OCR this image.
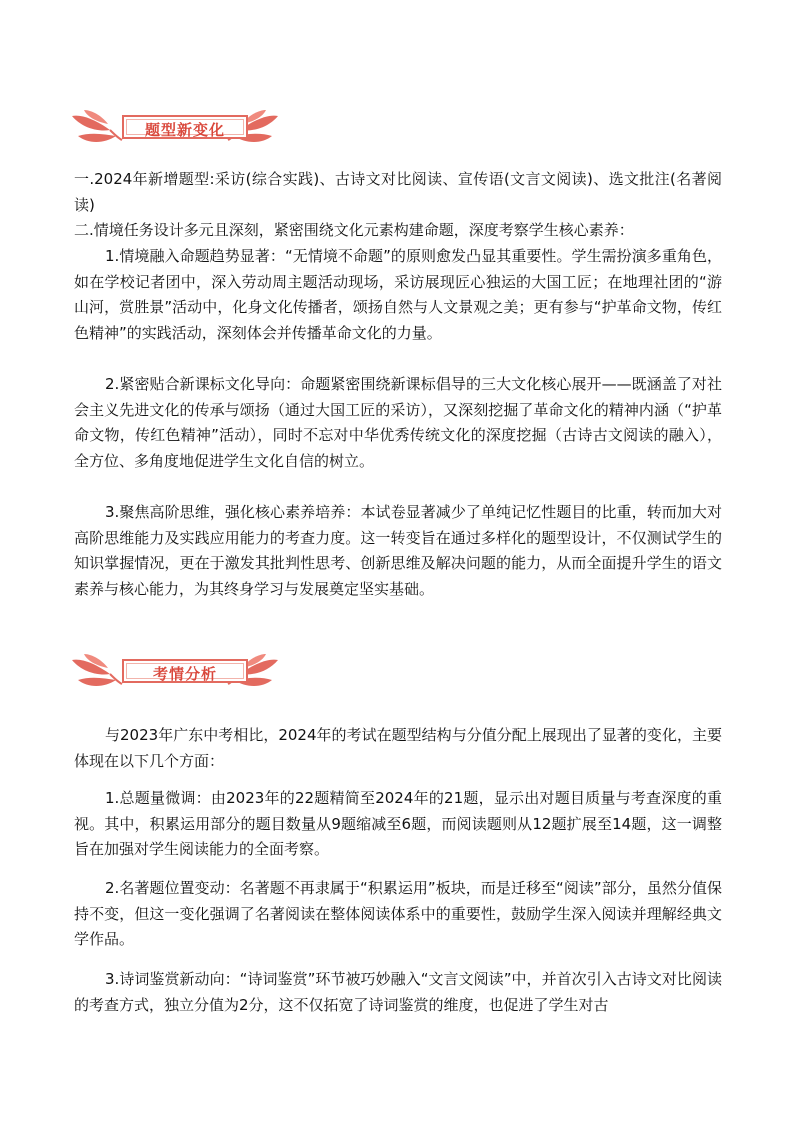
题型新变化

一.2024年新增题型:采访(综合实践)、古诗文对比阅读、宣传语(文言文阅读)、选文批注(名著阅读)

二.情境任务设计多元且深刻，紧密围绕文化元素构建命题，深度考察学生核心素养：

1.情境融入命题趋势显著：“无情境不命题”的原则愈发凸显其重要性。学生需扮演多重角色，如在学校记者团中，深入劳动周主题活动现场，采访展现匠心独运的大国工匠；在地理社团的“游山河，赏胜景”活动中，化身文化传播者，颂扬自然与人文景观之美；更有参与“护革命文物，传红色精神”的实践活动，深刻体会并传播革命文化的力量。

2.紧密贴合新课标文化导向：命题紧密围绕新课标倡导的三大文化核心展开——既涵盖了对社会主义先进文化的传承与颂扬（通过大国工匠的采访），又深刻挖掘了革命文化的精神内涵（“护革命文物，传红色精神”活动），同时不忘对中华优秀传统文化的深度挖掘（古诗古文阅读的融入），全方位、多角度地促进学生文化自信的树立。

3.聚焦高阶思维，强化核心素养培养：本试卷显著减少了单纯记忆性题目的比重，转而加大对高阶思维能力及实践应用能力的考查力度。这一转变旨在通过多样化的题型设计，不仅测试学生的知识掌握情况，更在于激发其批判性思考、创新思维及解决问题的能力，从而全面提升学生的语文素养与核心能力，为其终身学习与发展奠定坚实基础。

考情分析

与2023年广东中考相比，2024年的考试在题型结构与分值分配上展现出了显著的变化，主要体现在以下几个方面：

1.总题量微调：由2023年的22题精简至2024年的21题，显示出对题目质量与考查深度的重视。其中，积累运用部分的题目数量从9题缩减至6题，而阅读题则从12题扩展至14题，这一调整旨在加强对学生阅读能力的全面考察。

2.名著题位置变动：名著题不再隶属于“积累运用”板块，而是迁移至“阅读”部分，虽然分值保持不变，但这一变化强调了名著阅读在整体阅读体系中的重要性，鼓励学生深入阅读并理解经典文学作品。

3.诗词鉴赏新动向：“诗词鉴赏”环节被巧妙融入“文言文阅读”中，并首次引入古诗文对比阅读的考查方式，独立分值为2分，这不仅拓宽了诗词鉴赏的维度，也促进了学生对古
